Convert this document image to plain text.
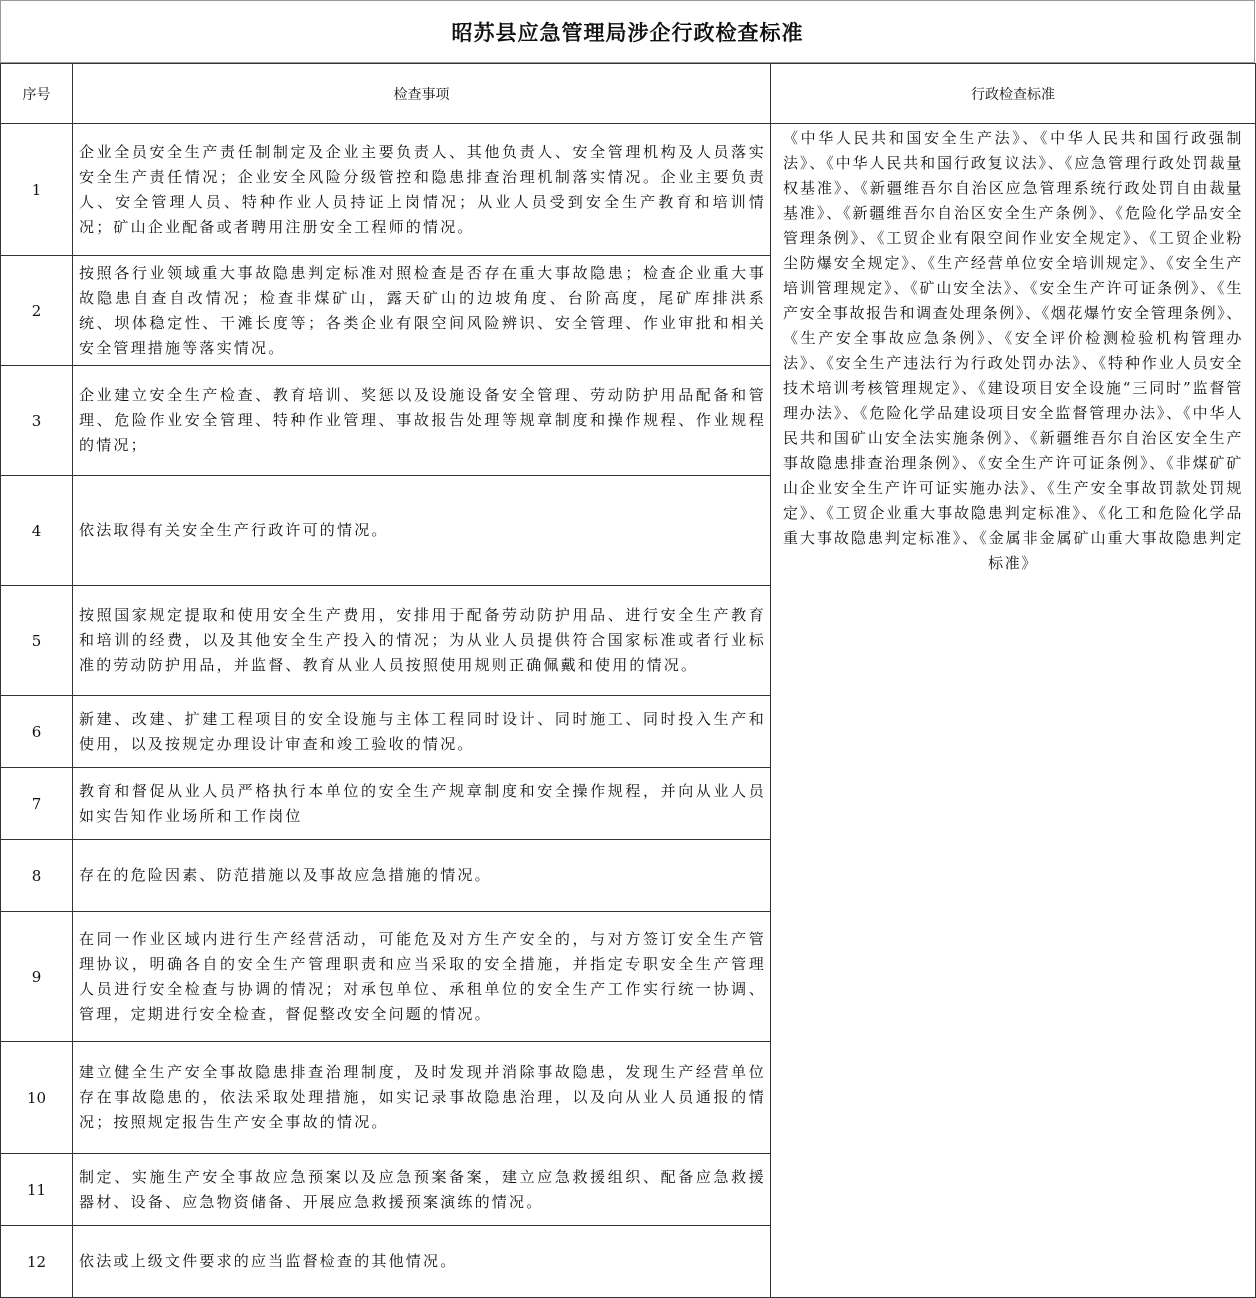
昭苏县应急管理局涉企行政检查标准
序号	检查事项	行政检查标准
1	企业全员安全生产责任制制定及企业主要负责人、其他负责人、安全管理机构及人员落实安全生产责任情况；企业安全风险分级管控和隐患排查治理机制落实情况。企业主要负责人、安全管理人员、特种作业人员持证上岗情况；从业人员受到安全生产教育和培训情况；矿山企业配备或者聘用注册安全工程师的情况。	《中华人民共和国安全生产法》、《中华人民共和国行政强制法》、《中华人民共和国行政复议法》、《应急管理行政处罚裁量权基准》、《新疆维吾尔自治区应急管理系统行政处罚自由裁量基准》、《新疆维吾尔自治区安全生产条例》、《危险化学品安全管理条例》、《工贸企业有限空间作业安全规定》、《工贸企业粉尘防爆安全规定》、《生产经营单位安全培训规定》、《安全生产培训管理规定》、《矿山安全法》、《安全生产许可证条例》、《生产安全事故报告和调查处理条例》、《烟花爆竹安全管理条例》、《生产安全事故应急条例》、《安全评价检测检验机构管理办法》、《安全生产违法行为行政处罚办法》、《特种作业人员安全技术培训考核管理规定》、《建设项目安全设施“三同时”监督管理办法》、《危险化学品建设项目安全监督管理办法》、《中华人民共和国矿山安全法实施条例》、《新疆维吾尔自治区安全生产事故隐患排查治理条例》、《安全生产许可证条例》、《非煤矿矿山企业安全生产许可证实施办法》、《生产安全事故罚款处罚规定》、《工贸企业重大事故隐患判定标准》、《化工和危险化学品重大事故隐患判定标准》、《金属非金属矿山重大事故隐患判定标准》

2	按照各行业领域重大事故隐患判定标准对照检查是否存在重大事故隐患；检查企业重大事故隐患自查自改情况；检查非煤矿山，露天矿山的边坡角度、台阶高度，尾矿库排洪系统、坝体稳定性、干滩长度等；各类企业有限空间风险辨识、安全管理、作业审批和相关安全管理措施等落实情况。	
3	企业建立安全生产检查、教育培训、奖惩以及设施设备安全管理、劳动防护用品配备和管理、危险作业安全管理、特种作业管理、事故报告处理等规章制度和操作规程、作业规程的情况；	
4	依法取得有关安全生产行政许可的情况。	
5	按照国家规定提取和使用安全生产费用，安排用于配备劳动防护用品、进行安全生产教育和培训的经费，以及其他安全生产投入的情况；为从业人员提供符合国家标准或者行业标准的劳动防护用品，并监督、教育从业人员按照使用规则正确佩戴和使用的情况。	
6	新建、改建、扩建工程项目的安全设施与主体工程同时设计、同时施工、同时投入生产和使用，以及按规定办理设计审查和竣工验收的情况。	
7	教育和督促从业人员严格执行本单位的安全生产规章制度和安全操作规程，并向从业人员如实告知作业场所和工作岗位	
8	存在的危险因素、防范措施以及事故应急措施的情况。	
9	在同一作业区域内进行生产经营活动，可能危及对方生产安全的，与对方签订安全生产管理协议，明确各自的安全生产管理职责和应当采取的安全措施，并指定专职安全生产管理人员进行安全检查与协调的情况；对承包单位、承租单位的安全生产工作实行统一协调、管理，定期进行安全检查，督促整改安全问题的情况。	
10	建立健全生产安全事故隐患排查治理制度，及时发现并消除事故隐患，发现生产经营单位存在事故隐患的，依法采取处理措施，如实记录事故隐患治理，以及向从业人员通报的情况；按照规定报告生产安全事故的情况。	
11	制定、实施生产安全事故应急预案以及应急预案备案，建立应急救援组织、配备应急救援器材、设备、应急物资储备、开展应急救援预案演练的情况。	
12	依法或上级文件要求的应当监督检查的其他情况。	
